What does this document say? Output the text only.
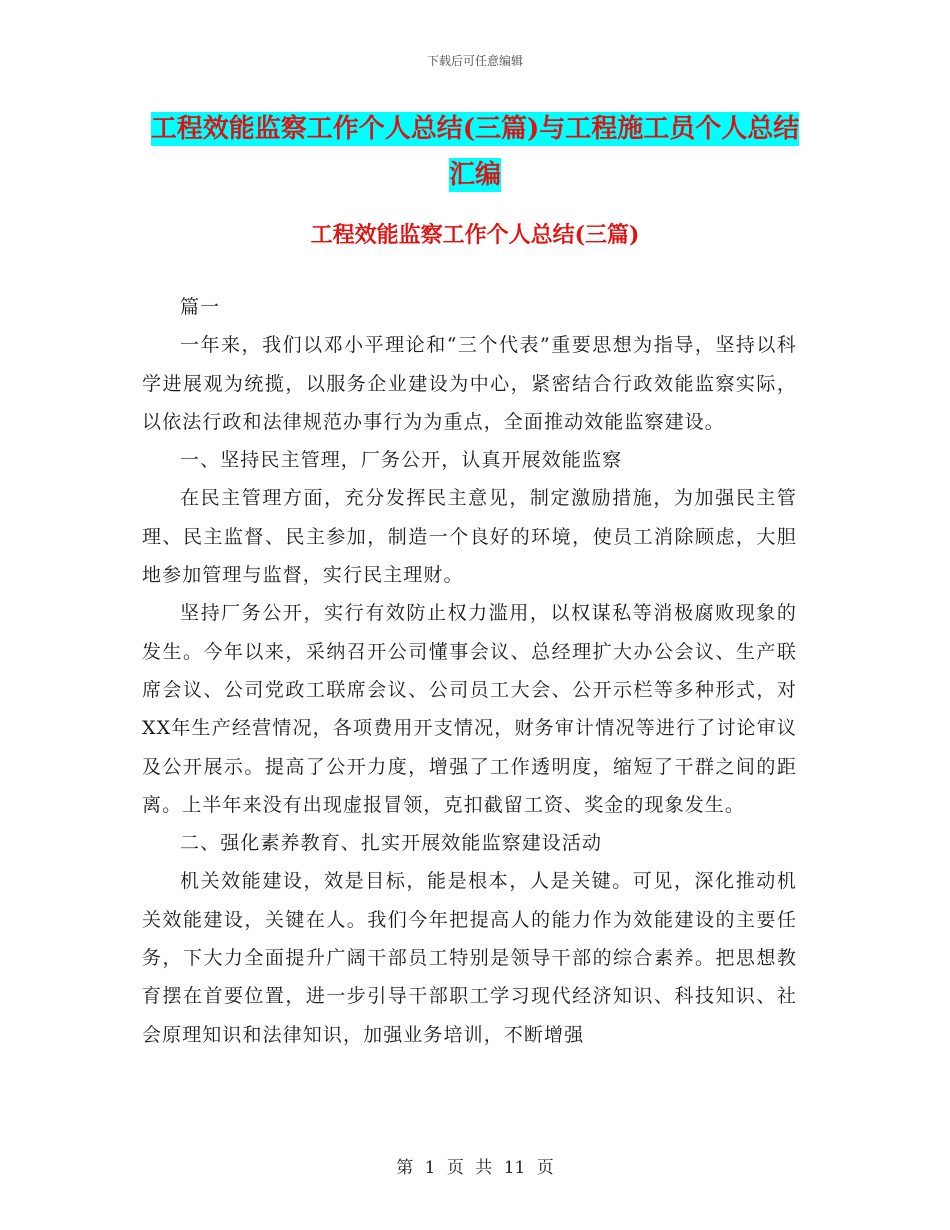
下载后可任意编辑
工程效能监察工作个人总结(三篇)与工程施工员个人总结汇编
工程效能监察工作个人总结(三篇)

篇一

一年来，我们以邓小平理论和“三个代表”重要思想为指导，坚持以科学进展观为统揽，以服务企业建设为中心，紧密结合行政效能监察实际，以依法行政和法律规范办事行为为重点，全面推动效能监察建设。

一、坚持民主管理，厂务公开，认真开展效能监察

在民主管理方面，充分发挥民主意见，制定激励措施，为加强民主管理、民主监督、民主参加，制造一个良好的环境，使员工消除顾虑，大胆地参加管理与监督，实行民主理财。

坚持厂务公开，实行有效防止权力滥用，以权谋私等消极腐败现象的发生。今年以来，采纳召开公司懂事会议、总经理扩大办公会议、生产联席会议、公司党政工联席会议、公司员工大会、公开示栏等多种形式，对XX年生产经营情况，各项费用开支情况，财务审计情况等进行了讨论审议及公开展示。提高了公开力度，增强了工作透明度，缩短了干群之间的距离。上半年来没有出现虚报冒领，克扣截留工资、奖金的现象发生。

二、强化素养教育、扎实开展效能监察建设活动

机关效能建设，效是目标，能是根本，人是关键。可见，深化推动机关效能建设，关键在人。我们今年把提高人的能力作为效能建设的主要任务，下大力全面提升广阔干部员工特别是领导干部的综合素养。把思想教育摆在首要位置，进一步引导干部职工学习现代经济知识、科技知识、社会原理知识和法律知识，加强业务培训，不断增强

第 1 页 共 11 页
